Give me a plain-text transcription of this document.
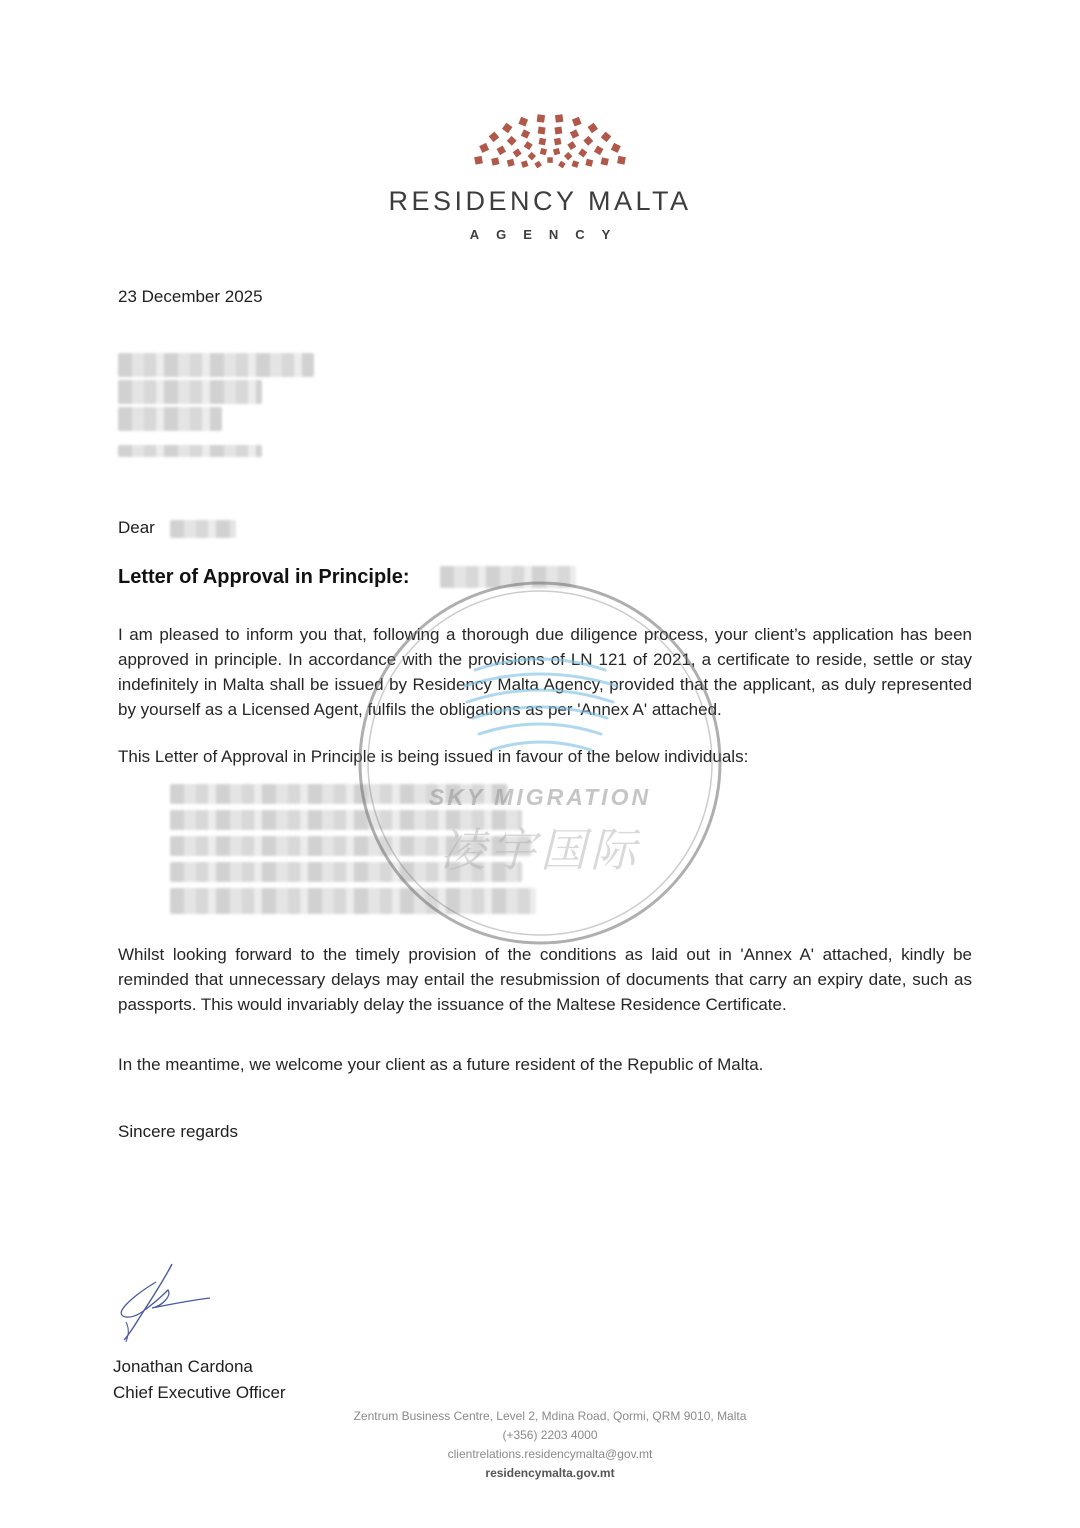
RESIDENCY MALTA
AGENCY
23 December 2025
Dear
Letter of Approval in Principle:
I am pleased to inform you that, following a thorough due diligence process, your client’s application has been approved in principle. In accordance with the provisions of LN 121 of 2021, a certificate to reside, settle or stay indefinitely in Malta shall be issued by Residency Malta Agency, provided that the applicant, as duly represented by yourself as a Licensed Agent, fulfils the obligations as per 'Annex A' attached.
This Letter of Approval in Principle is being issued in favour of the below individuals:
Whilst looking forward to the timely provision of the conditions as laid out in 'Annex A' attached, kindly be reminded that unnecessary delays may entail the resubmission of documents that carry an expiry date, such as passports. This would invariably delay the issuance of the Maltese Residence Certificate.
In the meantime, we welcome your client as a future resident of the Republic of Malta.
Sincere regards
Jonathan Cardona
Chief Executive Officer
Zentrum Business Centre, Level 2, Mdina Road, Qormi, QRM 9010, Malta
(+356) 2203 4000
clientrelations.residencymalta@gov.mt
residencymalta.gov.mt
SKY MIGRATION
凌宇国际
